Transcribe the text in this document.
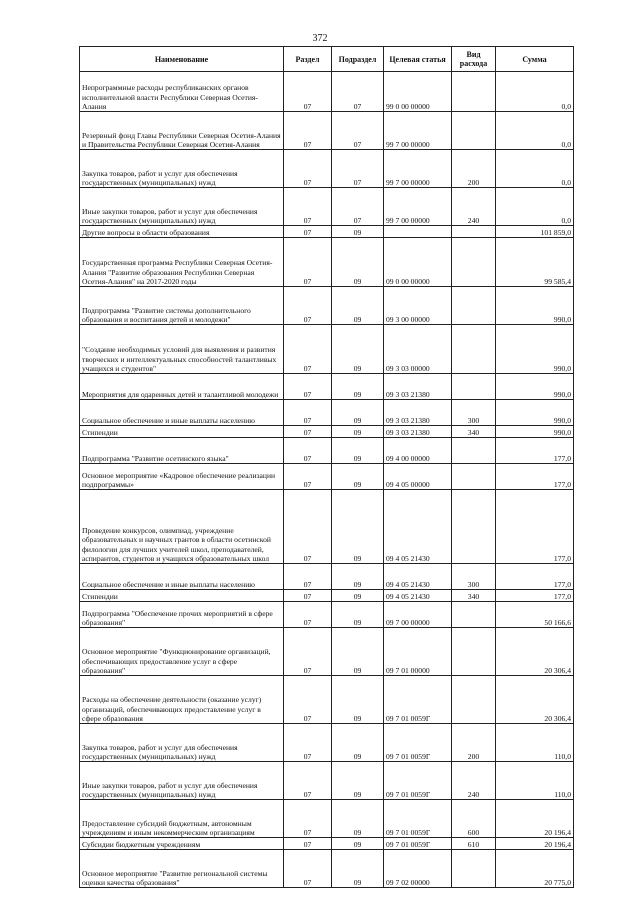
372
Наименование	Раздел	Подраздел	Целевая статья	Вид расхода	Сумма
Непрограммные расходы республиканских органов исполнительной власти Республики Северная Осетия-Алания	07	07	99 0 00 00000		0,0
Резервный фонд Главы Республики Северная Осетия-Алания и Правительства Республики Северная Осетия-Алания	07	07	99 7 00 00000		0,0
Закупка товаров, работ и услуг для обеспечения государственных (муниципальных) нужд	07	07	99 7 00 00000	200	0,0
Иные закупки товаров, работ и услуг для обеспечения государственных (муниципальных) нужд	07	07	99 7 00 00000	240	0,0
Другие вопросы в области образования	07	09			101 859,0
Государственная программа Республики Северная Осетия-Алания "Развитие образования Республики Северная Осетия-Алания" на 2017-2020 годы	07	09	09 0 00 00000		99 585,4
Подпрограмма "Развитие системы дополнительного образования и воспитания детей и молодежи"	07	09	09 3 00 00000		990,0
"Создание необходимых условий для выявления и развития творческих и интеллектуальных способностей талантливых учащихся и студентов"	07	09	09 3 03 00000		990,0
Мероприятия для одаренных детей и талантливой молодежи	07	09	09 3 03 21380		990,0
Социальное обеспечение и иные выплаты населению	07	09	09 3 03 21380	300	990,0
Стипендии	07	09	09 3 03 21380	340	990,0
Подпрограмма "Развитие осетинского языка"	07	09	09 4 00 00000		177,0
Основное мероприятие «Кадровое обеспечение реализации подпрограммы»	07	09	09 4 05 00000		177,0
Проведение конкурсов, олимпиад, учреждение образовательных и научных грантов в области осетинской филологии для лучших учителей школ, преподавателей, аспирантов, студентов и учащихся образовательных школ	07	09	09 4 05 21430		177,0
Социальное обеспечение и иные выплаты населению	07	09	09 4 05 21430	300	177,0
Стипендии	07	09	09 4 05 21430	340	177,0
Подпрограмма "Обеспечение прочих мероприятий в сфере образования"	07	09	09 7 00 00000		50 166,6
Основное мероприятие "Функционирование организаций, обеспечивающих предоставление услуг в сфере образования"	07	09	09 7 01 00000		20 306,4
Расходы на обеспечение деятельности (оказание услуг) организаций, обеспечивающих предоставление услуг в сфере образования	07	09	09 7 01 0059Г		20 306,4
Закупка товаров, работ и услуг для обеспечения государственных (муниципальных) нужд	07	09	09 7 01 0059Г	200	110,0
Иные закупки товаров, работ и услуг для обеспечения государственных (муниципальных) нужд	07	09	09 7 01 0059Г	240	110,0
Предоставление субсидий бюджетным, автономным учреждениям и иным некоммерческим организациям	07	09	09 7 01 0059Г	600	20 196,4
Субсидии бюджетным учреждениям	07	09	09 7 01 0059Г	610	20 196,4
Основное мероприятие "Развитие региональной системы оценки качества образования"	07	09	09 7 02 00000		20 775,0
